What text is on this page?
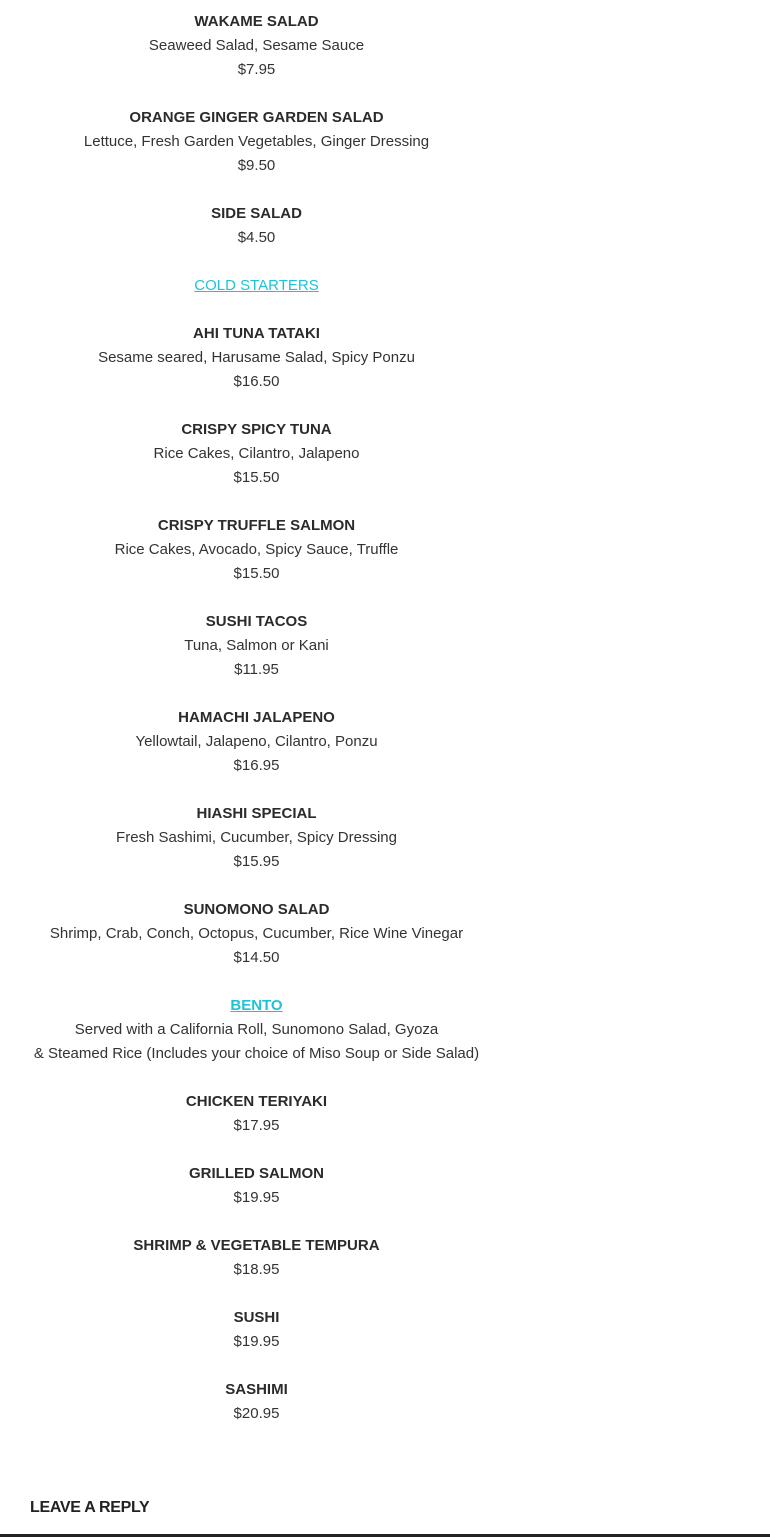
WAKAME SALAD
Seaweed Salad, Sesame Sauce
$7.95
ORANGE GINGER GARDEN SALAD
Lettuce, Fresh Garden Vegetables, Ginger Dressing
$9.50
SIDE SALAD
$4.50
COLD STARTERS
AHI TUNA TATAKI
Sesame seared, Harusame Salad, Spicy Ponzu
$16.50
CRISPY SPICY TUNA
Rice Cakes, Cilantro, Jalapeno
$15.50
CRISPY TRUFFLE SALMON
Rice Cakes, Avocado, Spicy Sauce, Truffle
$15.50
SUSHI TACOS
Tuna, Salmon or Kani
$11.95
HAMACHI JALAPENO
Yellowtail, Jalapeno, Cilantro, Ponzu
$16.95
HIASHI SPECIAL
Fresh Sashimi, Cucumber, Spicy Dressing
$15.95
SUNOMONO SALAD
Shrimp, Crab, Conch, Octopus, Cucumber, Rice Wine Vinegar
$14.50
BENTO
Served with a California Roll, Sunomono Salad, Gyoza
& Steamed Rice (Includes your choice of Miso Soup or Side Salad)
CHICKEN TERIYAKI
$17.95
GRILLED SALMON
$19.95
SHRIMP & VEGETABLE TEMPURA
$18.95
SUSHI
$19.95
SASHIMI
$20.95
LEAVE A REPLY
